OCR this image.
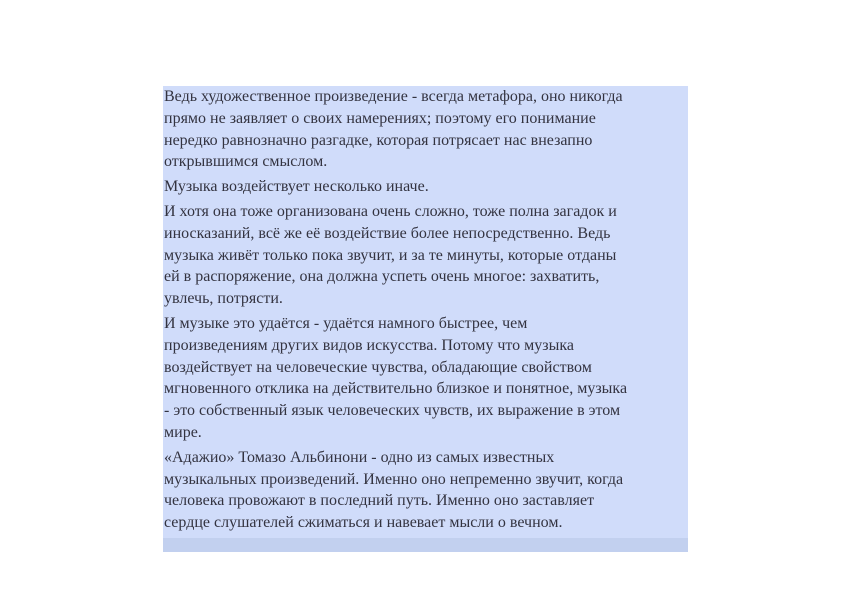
Ведь художественное произведение - всегда метафора, оно никогда
прямо не заявляет о своих намерениях; поэтому его понимание
нередко равнозначно разгадке, которая потрясает нас внезапно
открывшимся смыслом.

Музыка воздействует несколько иначе.

И хотя она тоже организована очень сложно, тоже полна загадок и
иносказаний, всё же её воздействие более непосредственно. Ведь
музыка живёт только пока звучит, и за те минуты, которые отданы
ей в распоряжение, она должна успеть очень многое: захватить,
увлечь, потрясти.

И музыке это удаётся - удаётся намного быстрее, чем
произведениям других видов искусства. Потому что музыка
воздействует на человеческие чувства, обладающие свойством
мгновенного отклика на действительно близкое и понятное, музыка
- это собственный язык человеческих чувств, их выражение в этом
мире.

«Адажио» Томазо Альбинони - одно из самых известных
музыкальных произведений. Именно оно непременно звучит, когда
человека провожают в последний путь. Именно оно заставляет
сердце слушателей сжиматься и навевает мысли о вечном.
